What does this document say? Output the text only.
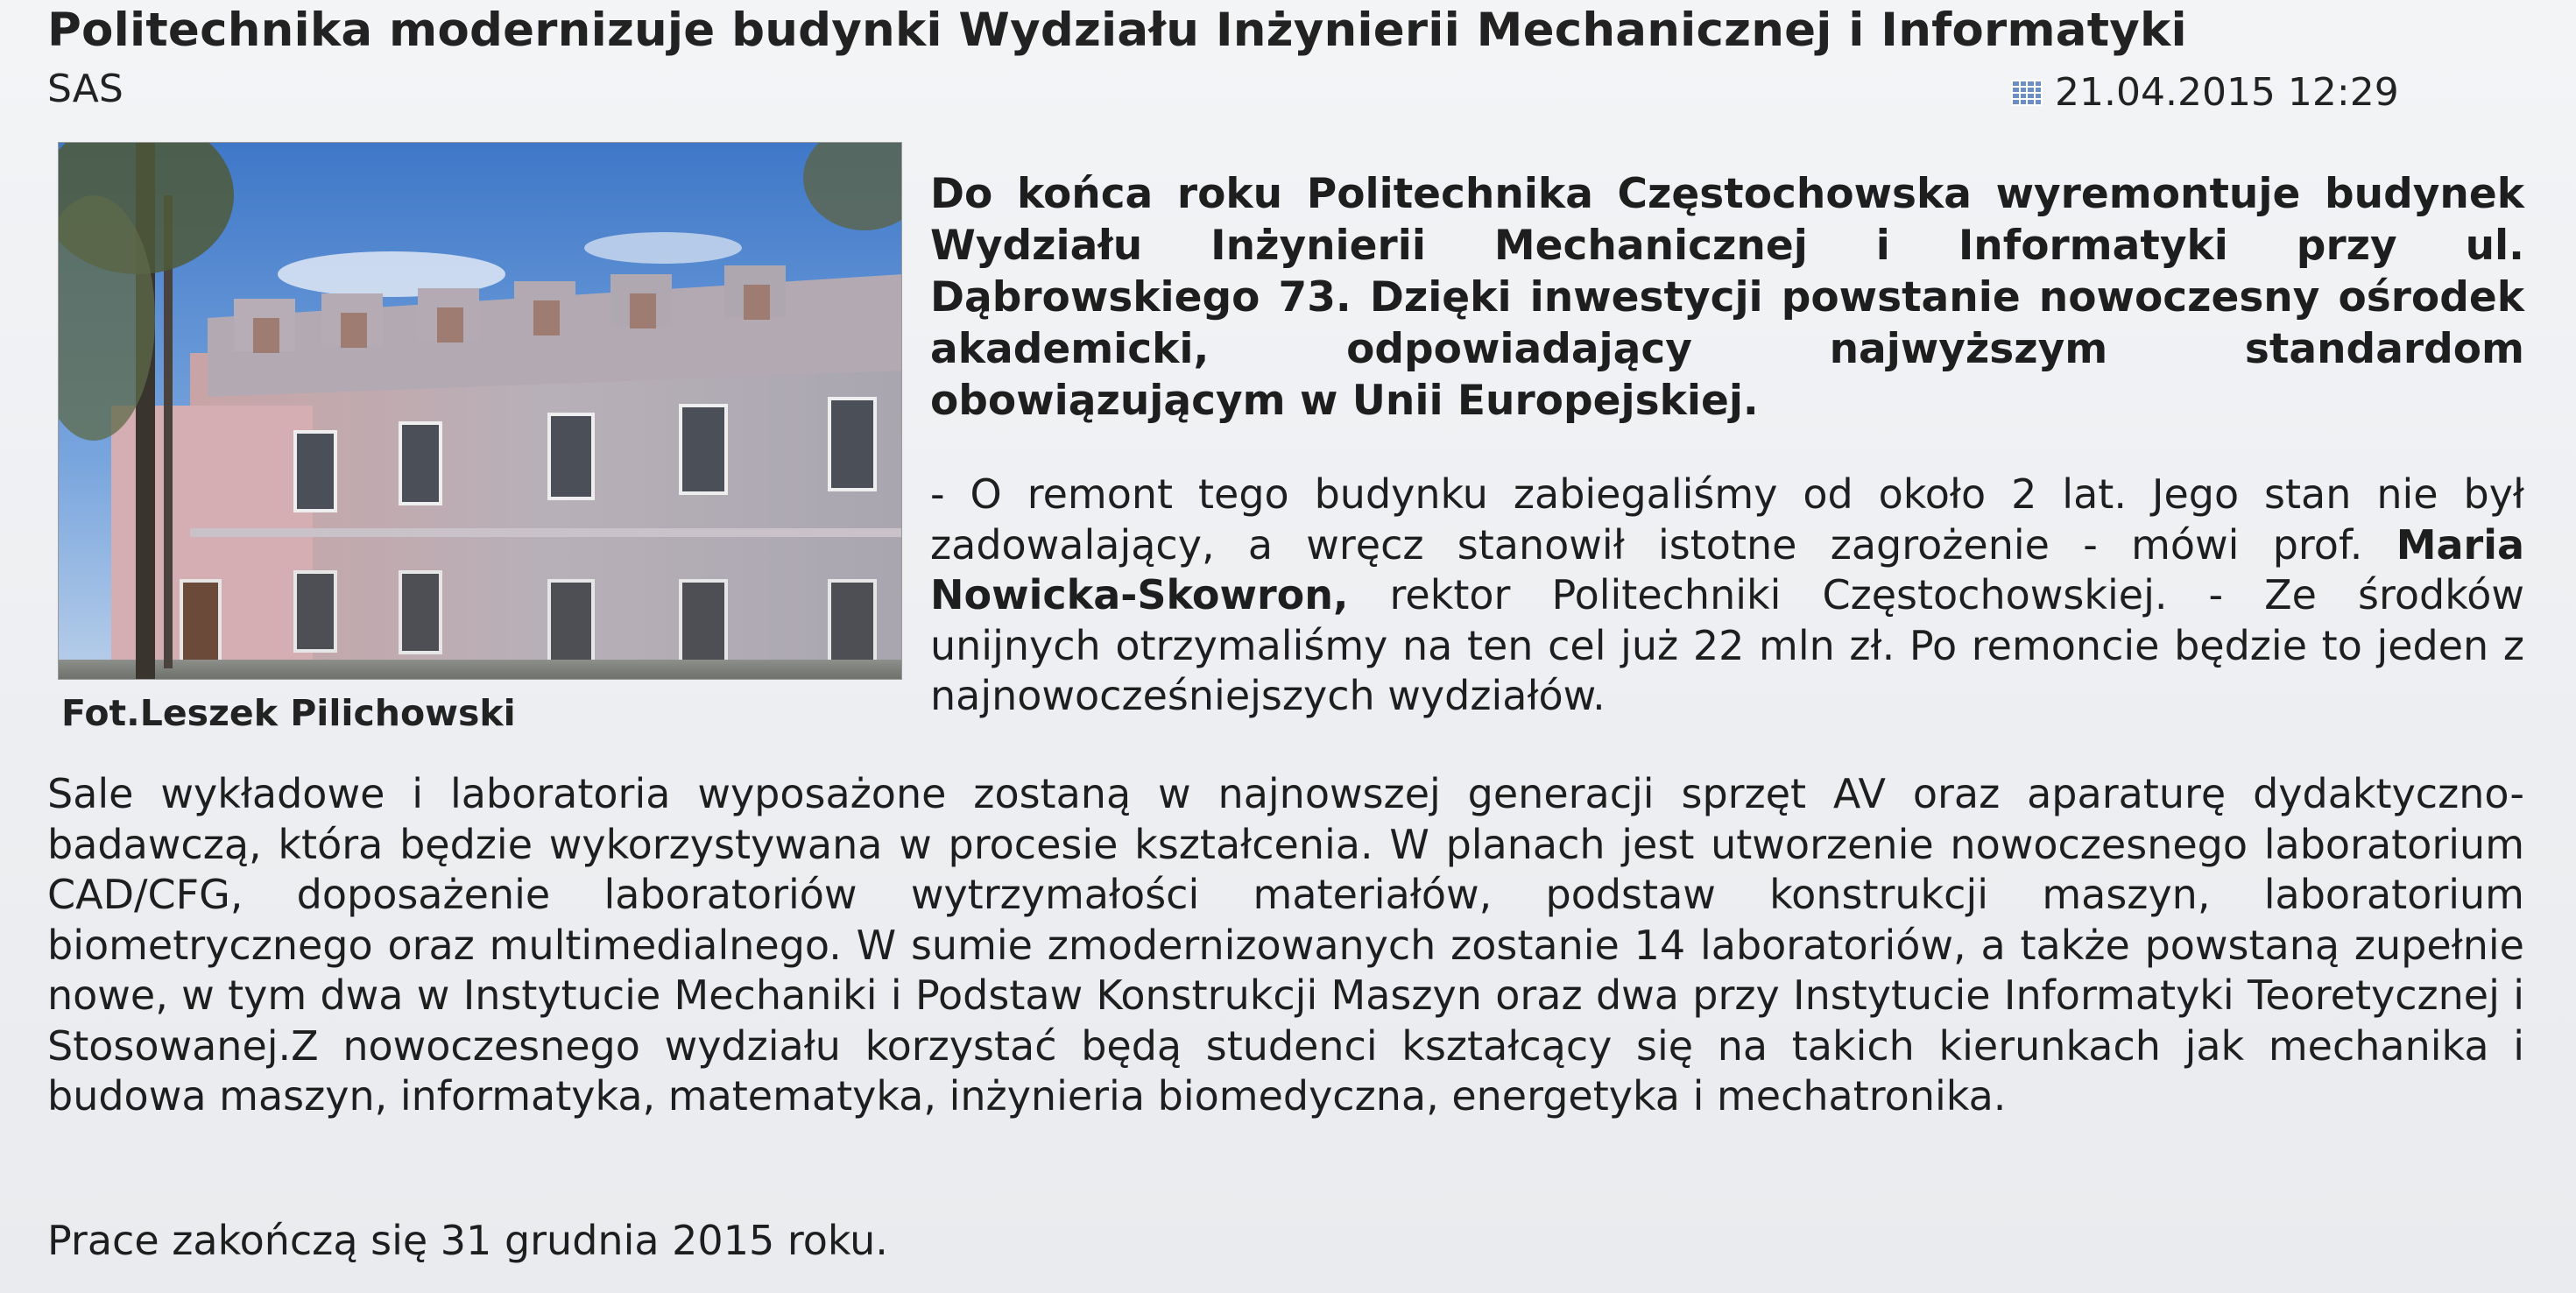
Politechnika modernizuje budynki Wydziału Inżynierii Mechanicznej i Informatyki
SAS	21.04.2015 12:29
Fot.Leszek Pilichowski

Do końca roku Politechnika Częstochowska wyremontuje budynek Wydziału Inżynierii Mechanicznej i Informatyki przy ul. Dąbrowskiego 73. Dzięki inwestycji powstanie nowoczesny ośrodek akademicki, odpowiadający najwyższym standardom obowiązującym w Unii Europejskiej.

- O remont tego budynku zabiegaliśmy od około 2 lat. Jego stan nie był zadowalający, a wręcz stanowił istotne zagrożenie - mówi prof. Maria Nowicka-Skowron, rektor Politechniki Częstochowskiej. - Ze środków unijnych otrzymaliśmy na ten cel już 22 mln zł. Po remoncie będzie to jeden z najnowocześniejszych wydziałów.

Sale wykładowe i laboratoria wyposażone zostaną w najnowszej generacji sprzęt AV oraz aparaturę dydaktyczno-badawczą, która będzie wykorzystywana w procesie kształcenia. W planach jest utworzenie nowoczesnego laboratorium CAD/CFG, doposażenie laboratoriów wytrzymałości materiałów, podstaw konstrukcji maszyn, laboratorium biometrycznego oraz multimedialnego. W sumie zmodernizowanych zostanie 14 laboratoriów, a także powstaną zupełnie nowe, w tym dwa w Instytucie Mechaniki i Podstaw Konstrukcji Maszyn oraz dwa przy Instytucie Informatyki Teoretycznej i Stosowanej.Z nowoczesnego wydziału korzystać będą studenci kształcący się na takich kierunkach jak mechanika i budowa maszyn, informatyka, matematyka, inżynieria biomedyczna, energetyka i mechatronika.

Prace zakończą się 31 grudnia 2015 roku.
